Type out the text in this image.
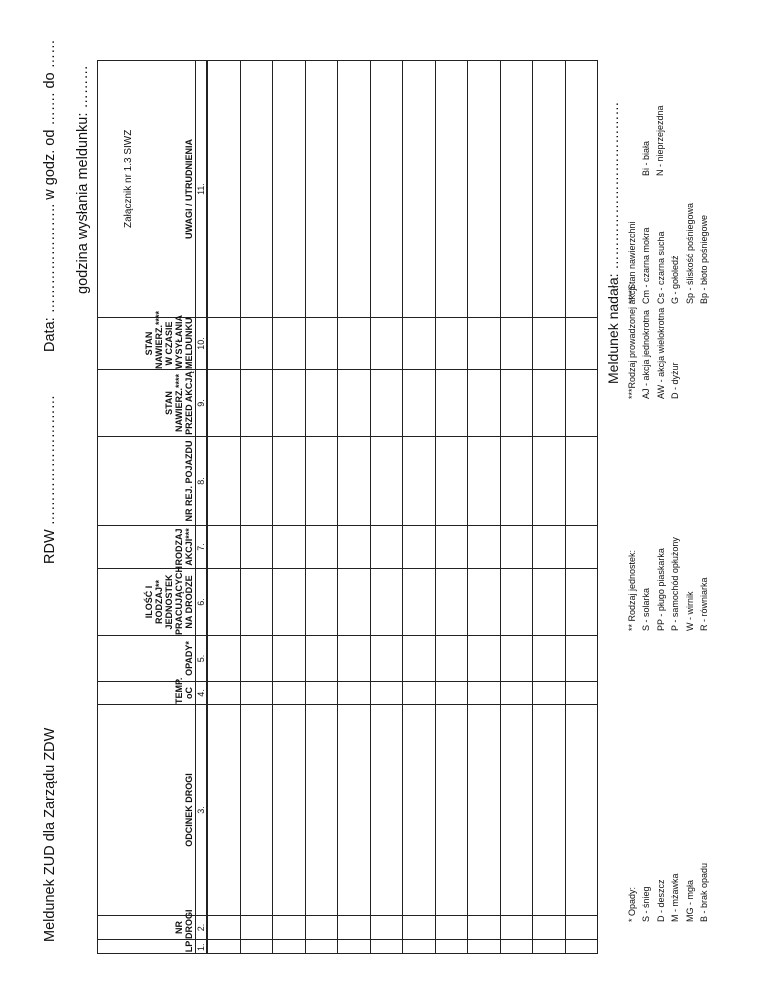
Załącznik nr 1.3 SIWZ
Meldunek ZUD dla Zarządu ZDW
RDW ………………………
Data: ………………….. w godz. od ……. do …… godzina wysłania meldunku: ………
LP	NR DROGI	ODCINEK DROGI	TEMP. oC	OPADY*	ILOŚĆ I RODZAJ** JEDNOSTEK PRACUJĄCYCH NA DRODZE	RODZAJ AKCJI***	NR REJ. POJAZDU	STAN NAWIERZ.**** PRZED AKCJĄ	STAN NAWIERZ.**** W CZASIE WYSYŁANIA MELDUNKU	UWAGI / UTRUDNIENIA
1.	2.	3.	4.	5.	6.	7.	8.	9.	10.	11.

* Opady: S - śnieg D - deszcz M - mżawka MG - mgła B - brak opadu
** Rodzaj jednostek: S - solarka PP - pługo piaskarka P - samochód opłużony W - wirnik R - równiarka
***Rodzaj prowadzonej akcji AJ - akcja jednokrotna AW - akcja wielokrotna D - dyżur
****Stan nawierzchni Cm - czarna mokra Cs - czarna sucha G - gołoledź Sp - śliskość pośniegowa Bp - błoto pośniegowe
Bi - biała N - nieprzejezdna
Meldunek nadała: ………………………………
